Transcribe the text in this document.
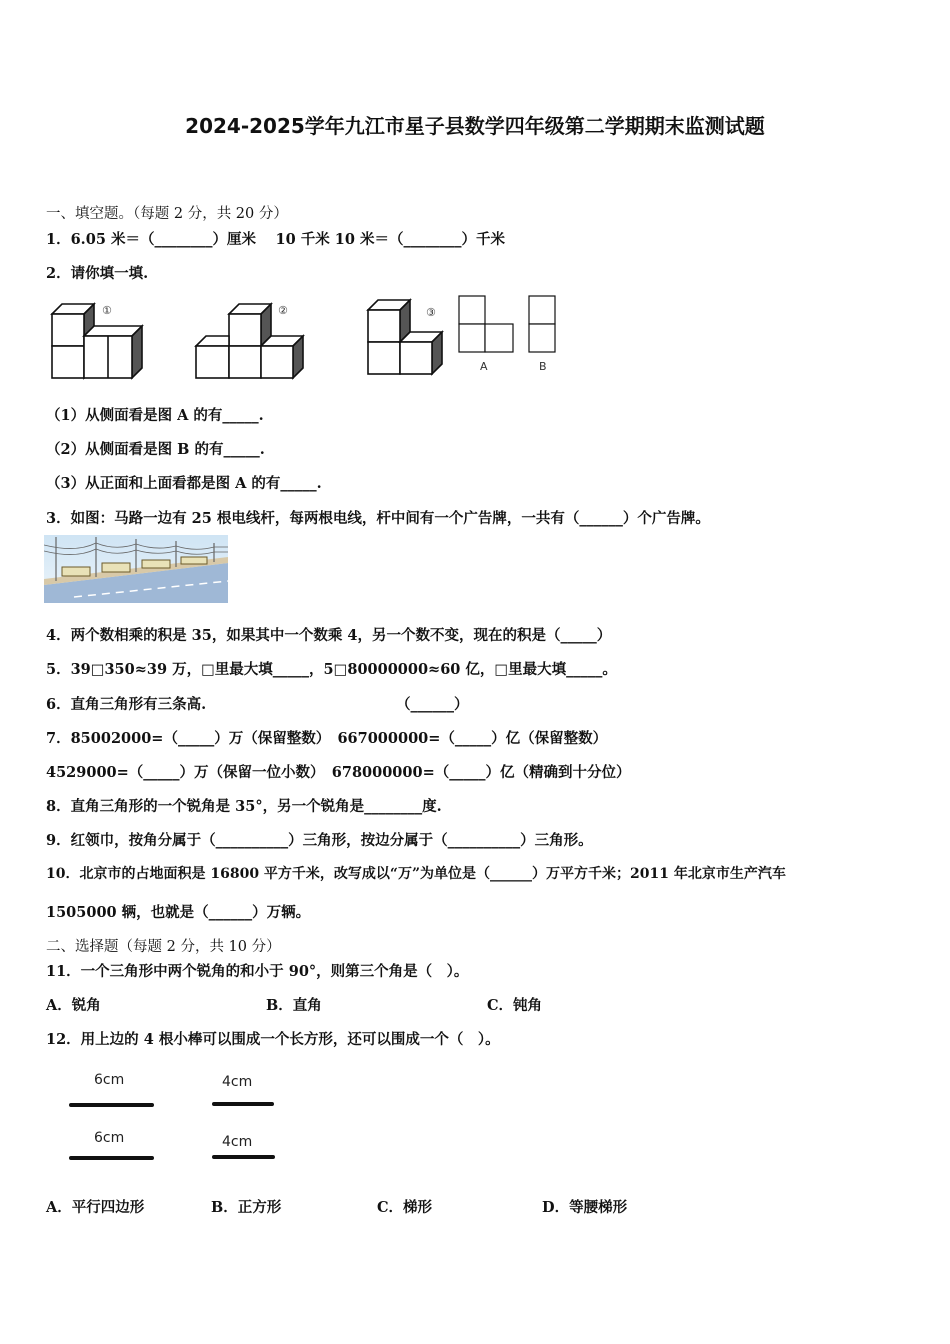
2024-2025学年九江市星子县数学四年级第二学期期末监测试题
一、填空题。（每题 2 分，共 20 分）
1．6.05 米＝（________）厘米　 10 千米 10 米＝（________）千米
2．请你填一填.
①	②	③
A	B
（1）从侧面看是图 A 的有_____.
（2）从侧面看是图 B 的有_____.
（3）从正面和上面看都是图 A 的有_____.
3．如图：马路一边有 25 根电线杆，每两根电线，杆中间有一个广告牌，一共有（______）个广告牌。
4．两个数相乘的积是 35，如果其中一个数乘 4，另一个数不变，现在的积是（_____）
5．39□350≈39 万，□里最大填_____，5□80000000≈60 亿，□里最大填_____。
6．直角三角形有三条高.	（______）
7．85002000=（_____）万（保留整数）　667000000=（_____）亿（保留整数）
4529000=（_____）万（保留一位小数）　678000000=（_____）亿（精确到十分位）
8．直角三角形的一个锐角是 35°，另一个锐角是________度.
9．红领巾，按角分属于（__________）三角形，按边分属于（__________）三角形。
10．北京市的占地面积是 16800 平方千米，改写成以“万”为单位是（______）万平方千米；2011 年北京市生产汽车
1505000 辆，也就是（______）万辆。
二、选择题（每题 2 分，共 10 分）
11．一个三角形中两个锐角的和小于 90°，则第三个角是（　）。
A．锐角	B．直角	C．钝角
12．用上边的 4 根小棒可以围成一个长方形，还可以围成一个（　）。
6cm
6cm
4cm
4cm
A．平行四边形	B．正方形	C．梯形	D．等腰梯形
